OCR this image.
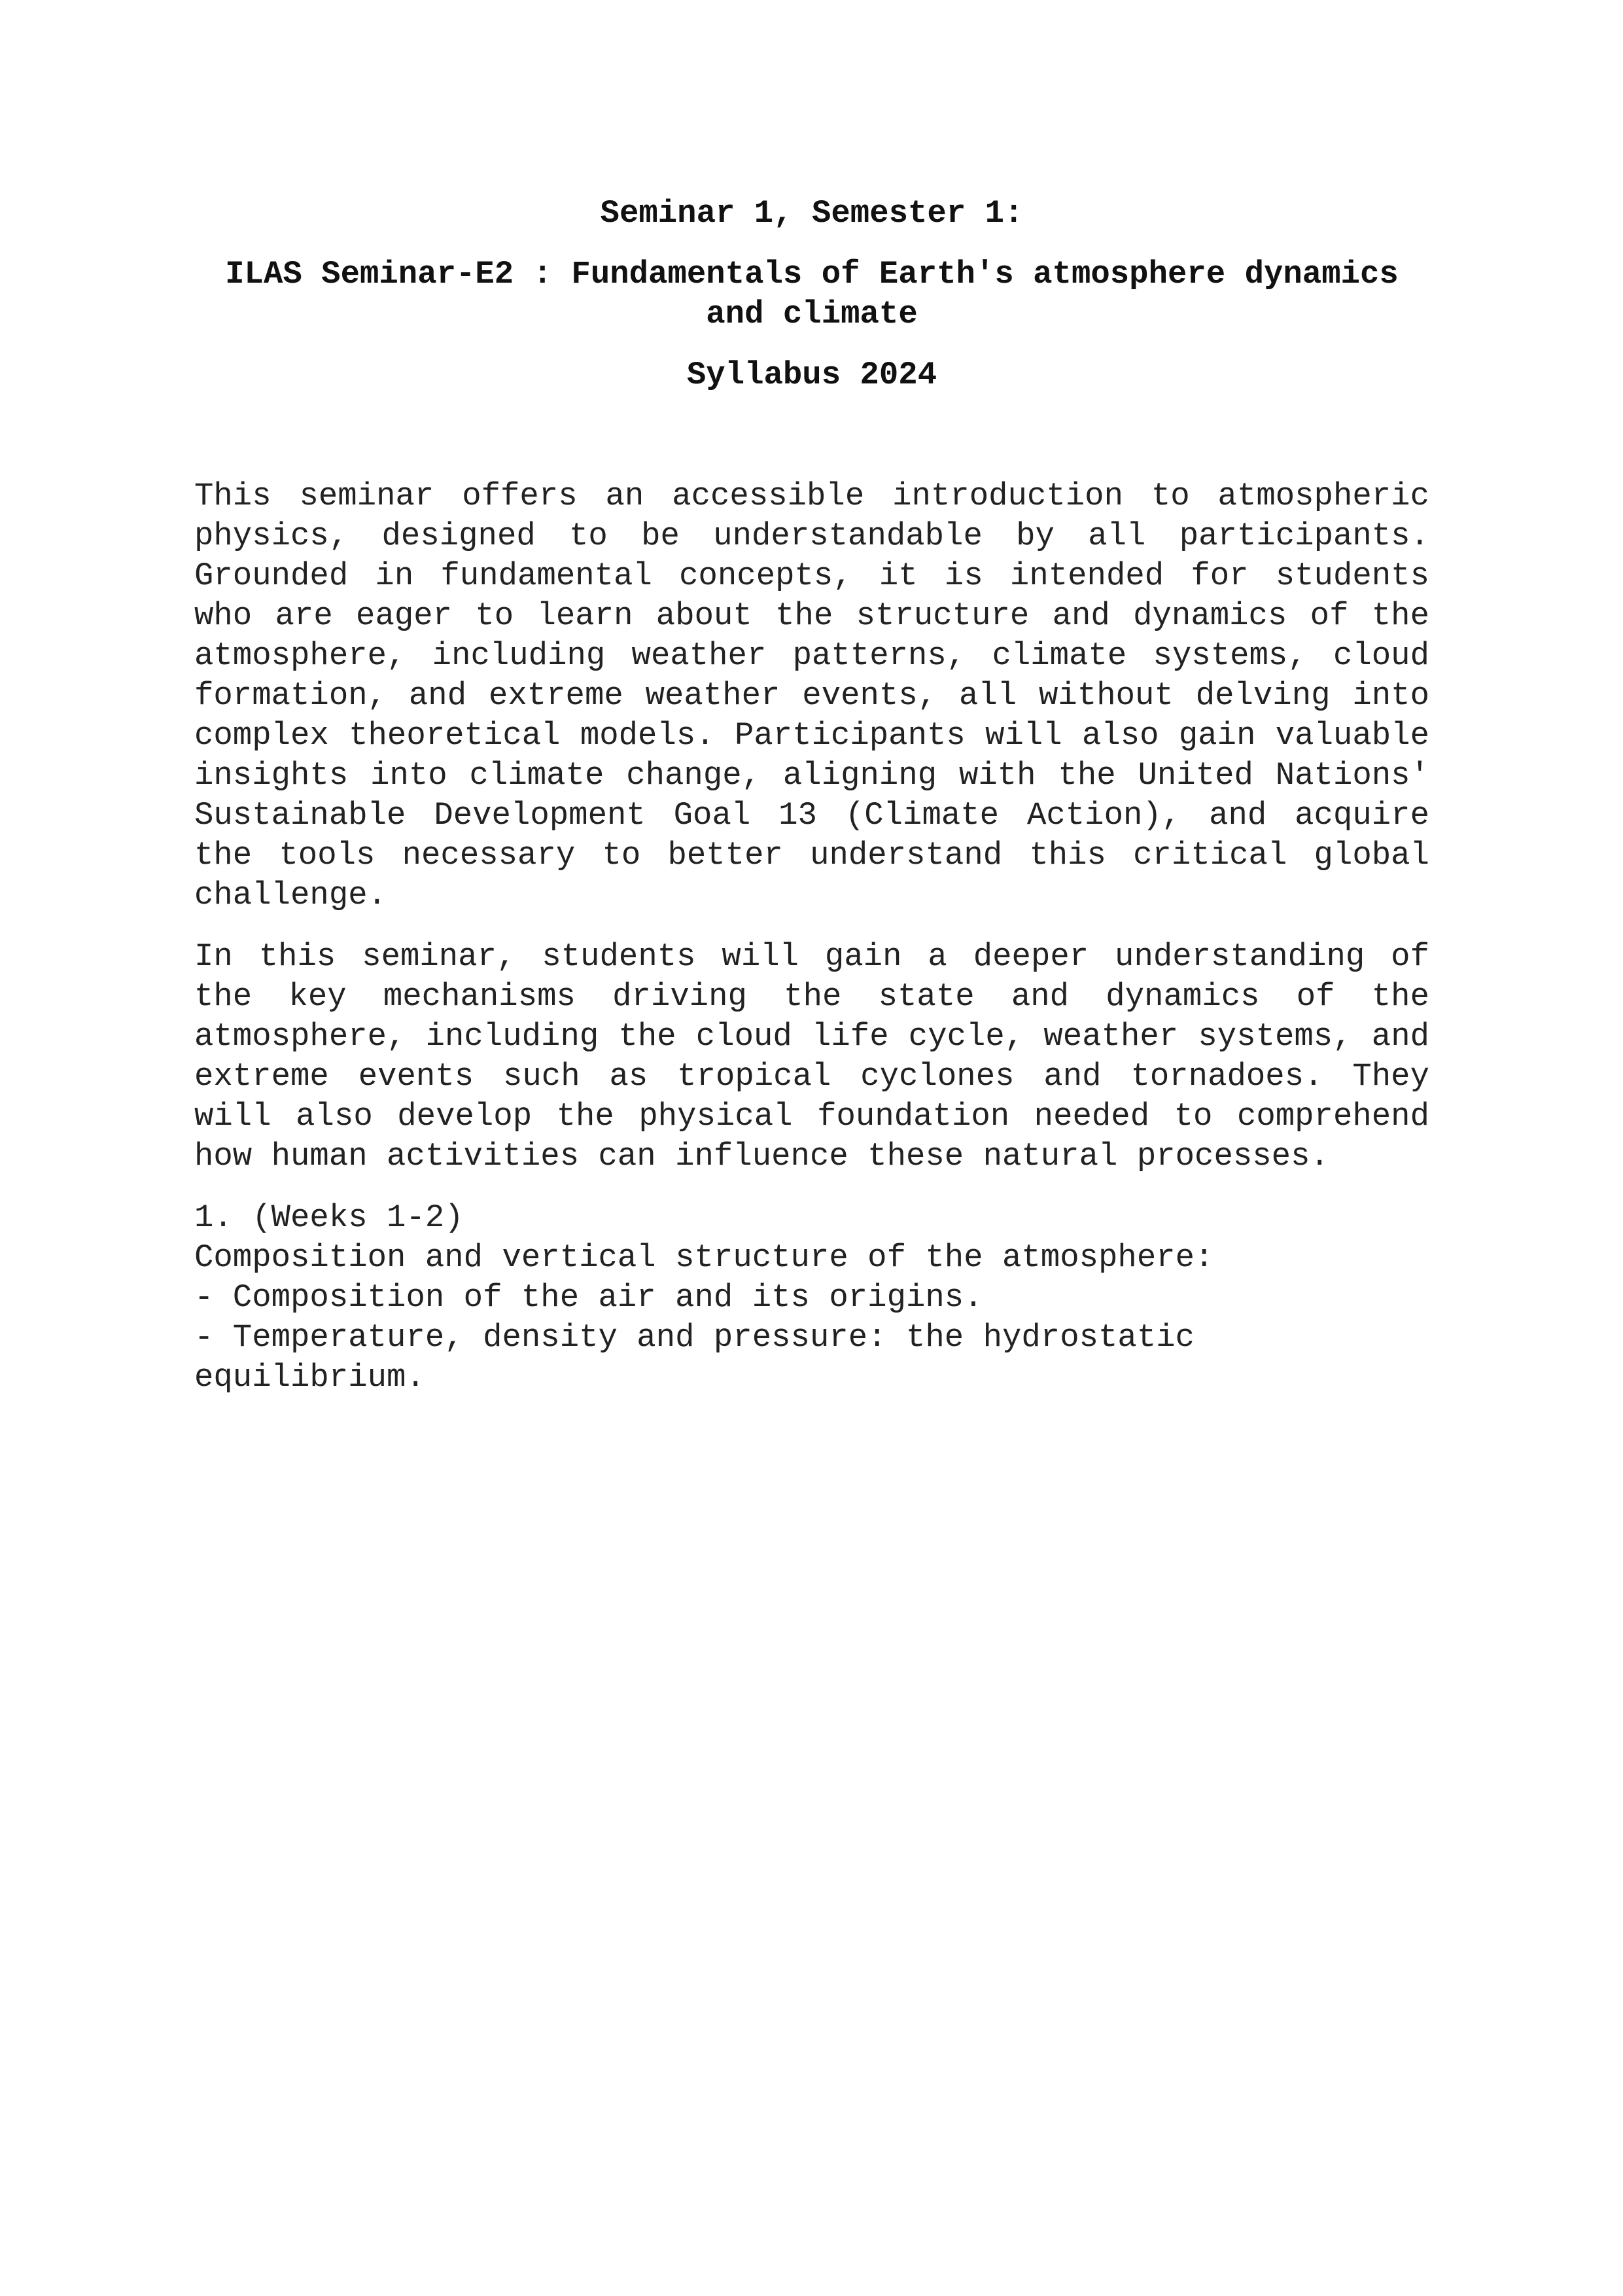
Seminar 1, Semester 1:

ILAS Seminar-E2 : Fundamentals of Earth's atmosphere dynamics and climate

Syllabus 2024

This seminar offers an accessible introduction to atmospheric physics, designed to be understandable by all participants. Grounded in fundamental concepts, it is intended for students who are eager to learn about the structure and dynamics of the atmosphere, including weather patterns, climate systems, cloud formation, and extreme weather events, all without delving into complex theoretical models. Participants will also gain valuable insights into climate change, aligning with the United Nations' Sustainable Development Goal 13 (Climate Action), and acquire the tools necessary to better understand this critical global challenge.

In this seminar, students will gain a deeper understanding of the key mechanisms driving the state and dynamics of the atmosphere, including the cloud life cycle, weather systems, and extreme events such as tropical cyclones and tornadoes. They will also develop the physical foundation needed to comprehend how human activities can influence these natural processes.

1. (Weeks 1-2)
Composition and vertical structure of the atmosphere:
- Composition of the air and its origins.
- Temperature, density and pressure: the hydrostatic equilibrium.
